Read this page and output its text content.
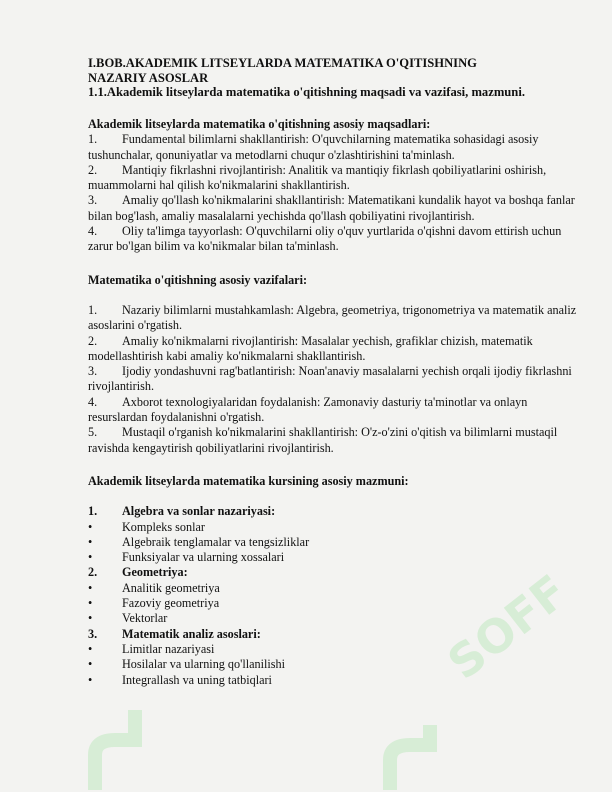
SOFF
I.BOB.AKADEMIK LITSEYLARDA MATEMATIKA O'QITISHNING
NAZARIY ASOSLAR
1.1.Akademik litseylarda matematika o'qitishning maqsadi va vazifasi, mazmuni.
Akademik litseylarda matematika o'qitishning asosiy maqsadlari:
1. Fundamental bilimlarni shakllantirish: O'quvchilarning matematika sohasidagi asosiy tushunchalar, qonuniyatlar va metodlarni chuqur o'zlashtirishini ta'minlash.
2. Mantiqiy fikrlashni rivojlantirish: Analitik va mantiqiy fikrlash qobiliyatlarini oshirish, muammolarni hal qilish ko'nikmalarini shakllantirish.
3. Amaliy qo'llash ko'nikmalarini shakllantirish: Matematikani kundalik hayot va boshqa fanlar bilan bog'lash, amaliy masalalarni yechishda qo'llash qobiliyatini rivojlantirish.
4. Oliy ta'limga tayyorlash: O'quvchilarni oliy o'quv yurtlarida o'qishni davom ettirish uchun zarur bo'lgan bilim va ko'nikmalar bilan ta'minlash.
Matematika o'qitishning asosiy vazifalari:
1. Nazariy bilimlarni mustahkamlash: Algebra, geometriya, trigonometriya va matematik analiz asoslarini o'rgatish.
2. Amaliy ko'nikmalarni rivojlantirish: Masalalar yechish, grafiklar chizish, matematik modellashtirish kabi amaliy ko'nikmalarni shakllantirish.
3. Ijodiy yondashuvni rag'batlantirish: Noan'anaviy masalalarni yechish orqali ijodiy fikrlashni rivojlantirish.
4. Axborot texnologiyalaridan foydalanish: Zamonaviy dasturiy ta'minotlar va onlayn resurslardan foydalanishni o'rgatish.
5. Mustaqil o'rganish ko'nikmalarini shakllantirish: O'z-o'zini o'qitish va bilimlarni mustaqil ravishda kengaytirish qobiliyatlarini rivojlantirish.
Akademik litseylarda matematika kursining asosiy mazmuni:
1.	Algebra va sonlar nazariyasi:
•	Kompleks sonlar
•	Algebraik tenglamalar va tengsizliklar
•	Funksiyalar va ularning xossalari
2.	Geometriya:
•	Analitik geometriya
•	Fazoviy geometriya
•	Vektorlar
3.	Matematik analiz asoslari:
•	Limitlar nazariyasi
•	Hosilalar va ularning qo'llanilishi
•	Integrallash va uning tatbiqlari
